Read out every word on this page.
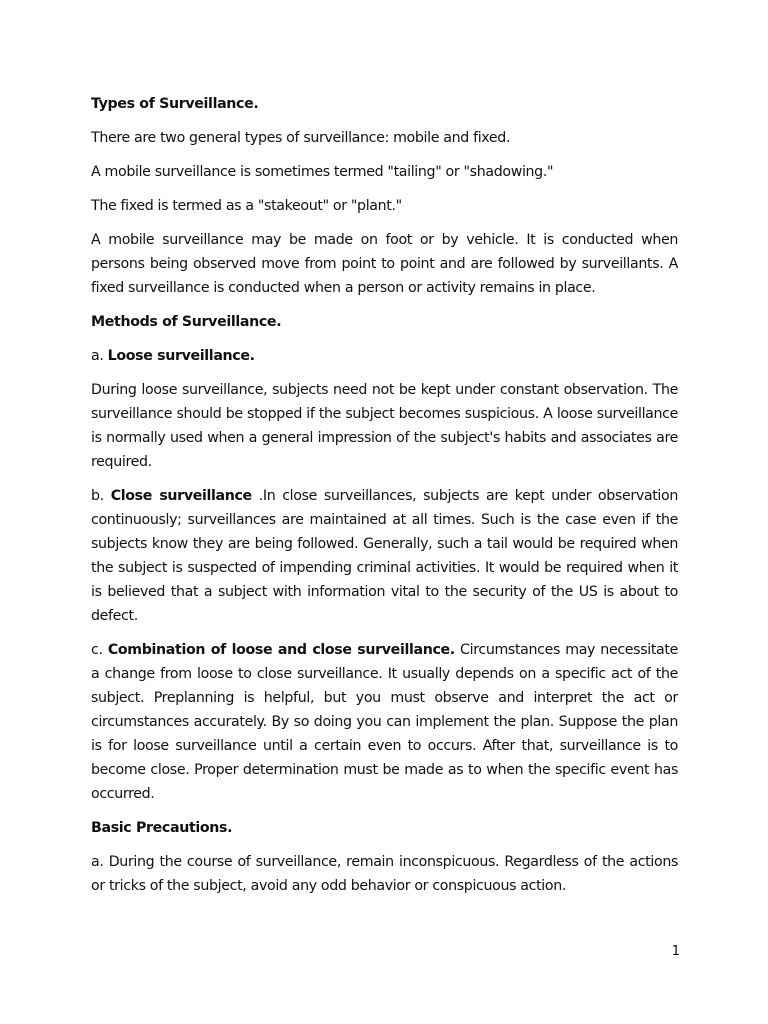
Types of Surveillance.

There are two general types of surveillance: mobile and fixed.

A mobile surveillance is sometimes termed "tailing" or "shadowing."

The fixed is termed as a "stakeout" or "plant."

A mobile surveillance may be made on foot or by vehicle. It is conducted when persons being observed move from point to point and are followed by surveillants. A fixed surveillance is conducted when a person or activity remains in place.

Methods of Surveillance.

a. Loose surveillance.

During loose surveillance, subjects need not be kept under constant observation. The surveillance should be stopped if the subject becomes suspicious. A loose surveillance is normally used when a general impression of the subject's habits and associates are required.

b. Close surveillance .In close surveillances, subjects are kept under observation continuously; surveillances are maintained at all times. Such is the case even if the subjects know they are being followed. Generally, such a tail would be required when the subject is suspected of impending criminal activities. It would be required when it is believed that a subject with information vital to the security of the US is about to defect.

c. Combination of loose and close surveillance. Circumstances may necessitate a change from loose to close surveillance. It usually depends on a specific act of the subject. Preplanning is helpful, but you must observe and interpret the act or circumstances accurately. By so doing you can implement the plan. Suppose the plan is for loose surveillance until a certain even to occurs. After that, surveillance is to become close. Proper determination must be made as to when the specific event has occurred.

Basic Precautions.

a. During the course of surveillance, remain inconspicuous. Regardless of the actions or tricks of the subject, avoid any odd behavior or conspicuous action.

1
